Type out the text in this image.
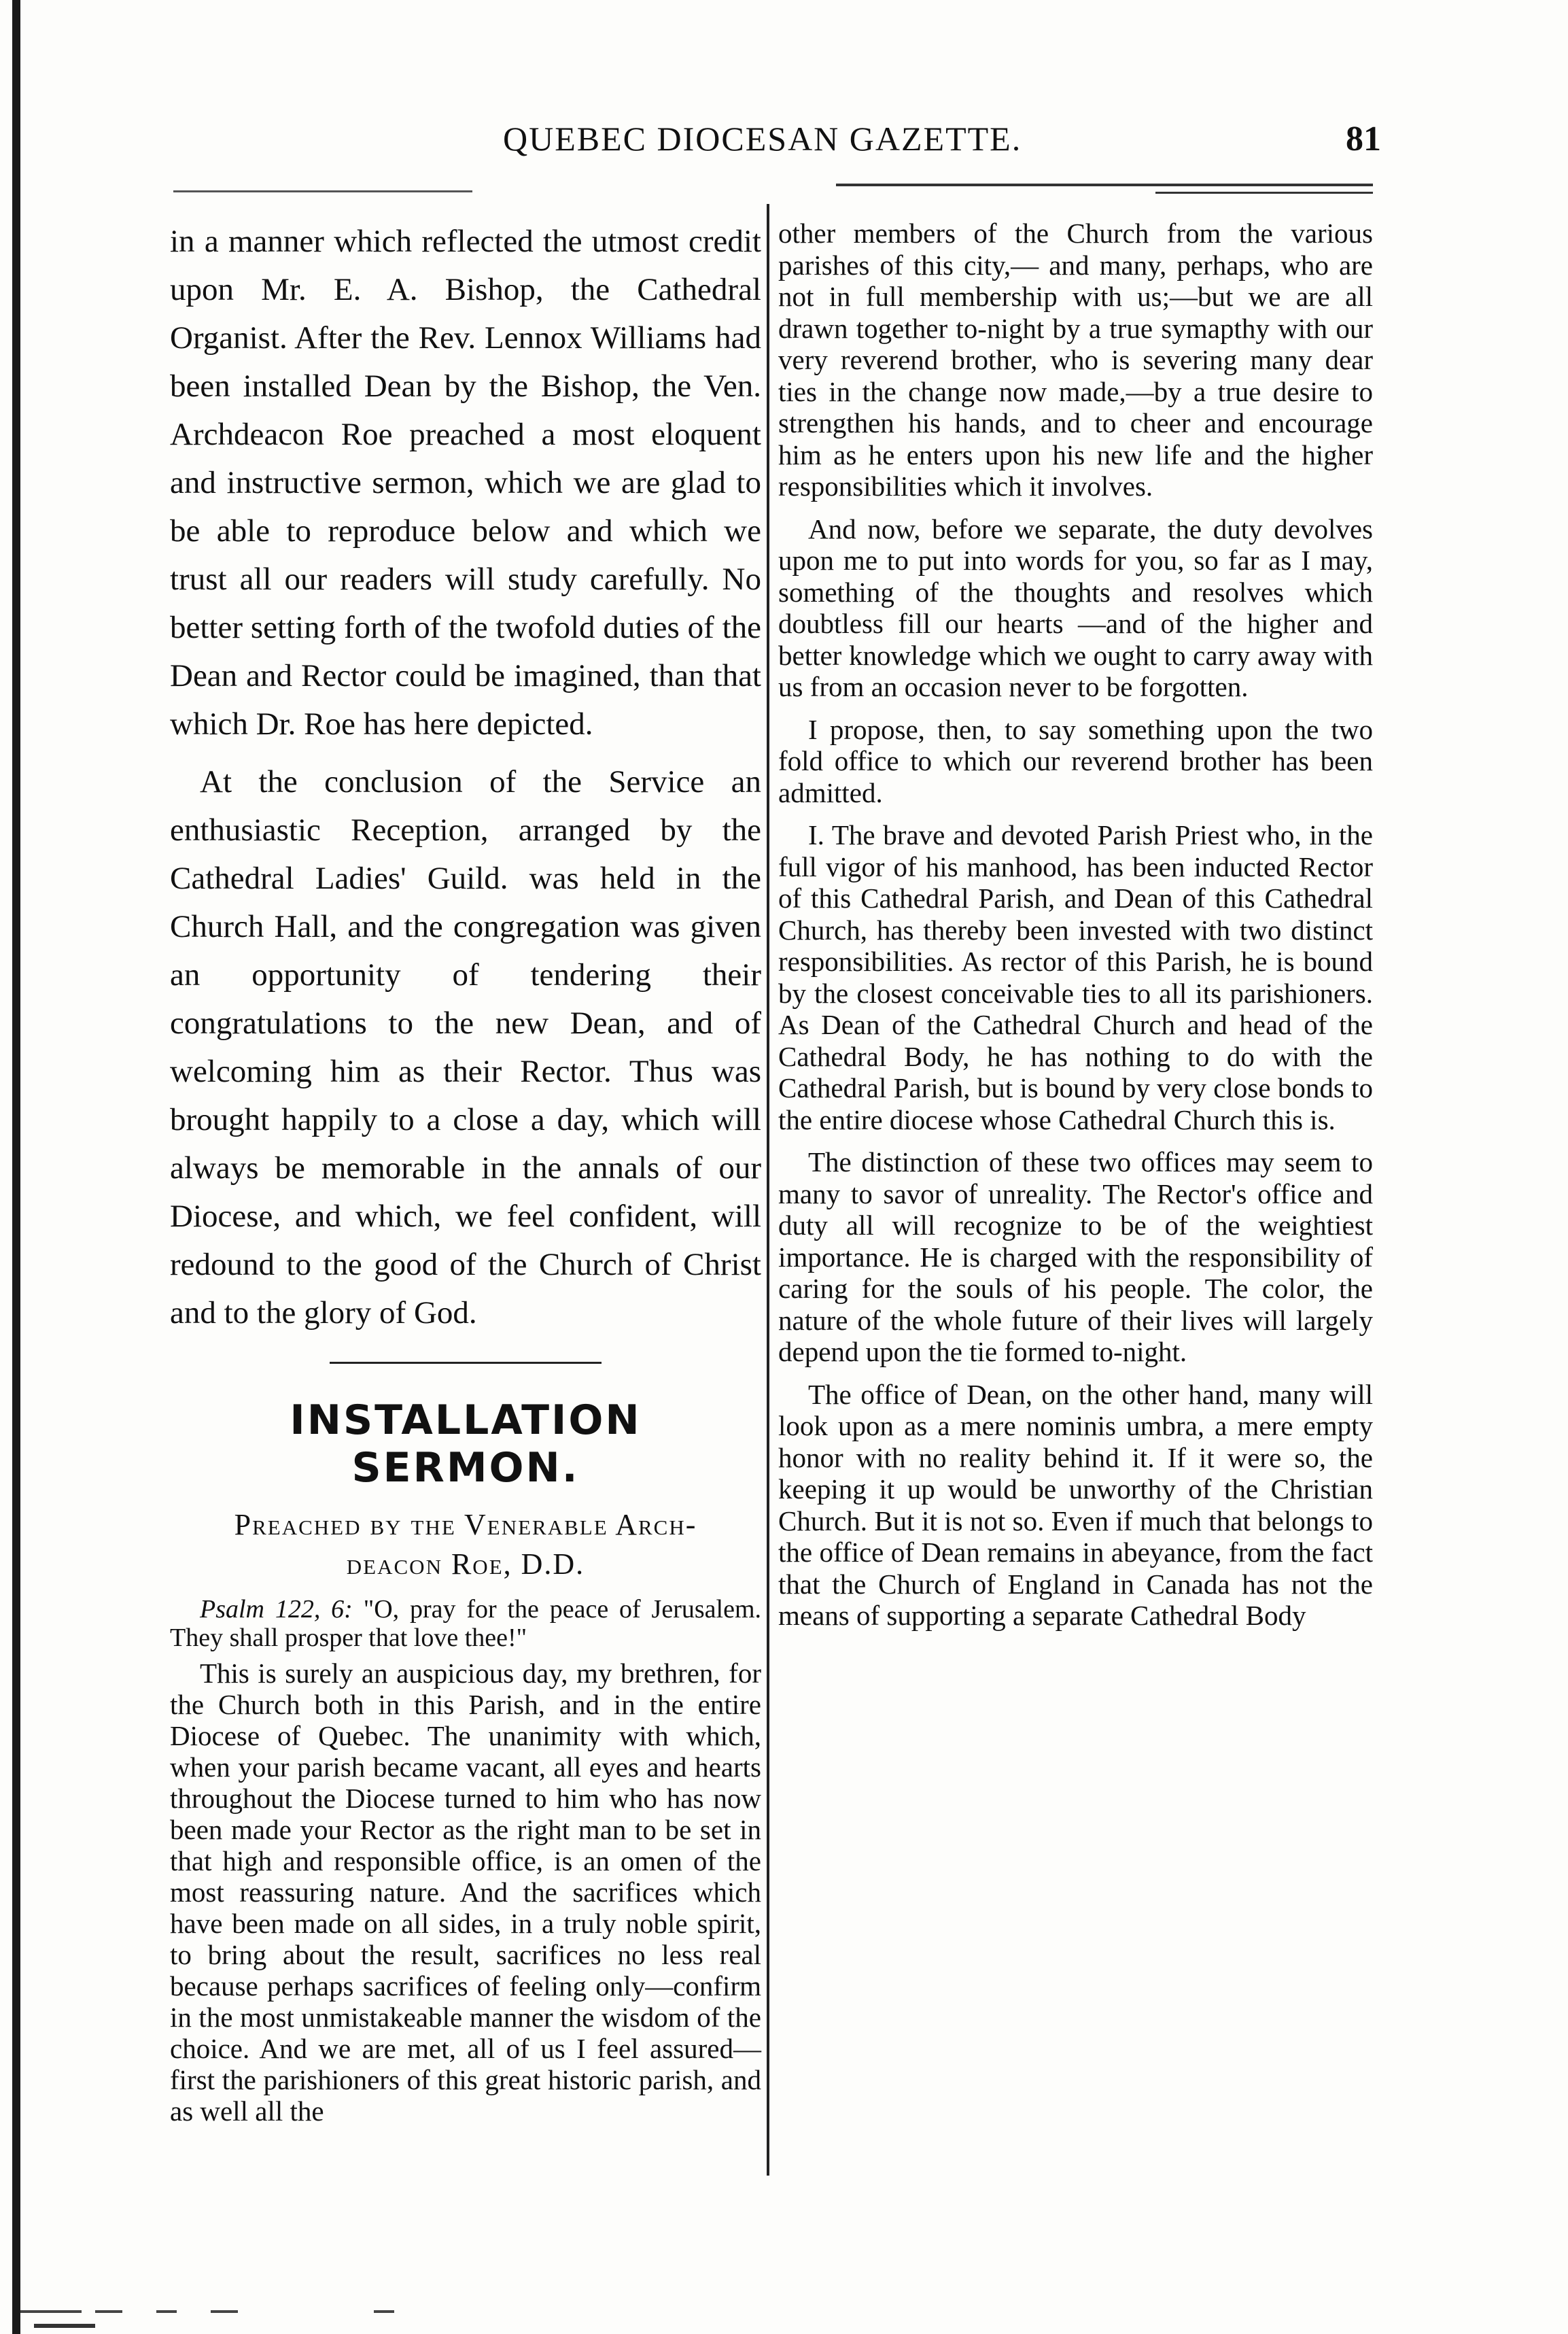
QUEBEC DIOCESAN GAZETTE.	81

in a manner which reflected the utmost credit upon Mr. E. A. Bishop, the Cathedral Organist. After the Rev. Lennox Williams had been installed Dean by the Bishop, the Ven. Archdeacon Roe preached a most eloquent and instructive sermon, which we are glad to be able to reproduce below and which we trust all our readers will study carefully. No better setting forth of the twofold duties of the Dean and Rector could be imagined, than that which Dr. Roe has here depicted.

At the conclusion of the Service an enthusiastic Reception, arranged by the Cathedral Ladies' Guild. was held in the Church Hall, and the congregation was given an opportunity of tendering their congratulations to the new Dean, and of welcoming him as their Rector. Thus was brought happily to a close a day, which will always be memorable in the annals of our Diocese, and which, we feel confident, will redound to the good of the Church of Christ and to the glory of God.

INSTALLATION SERMON.
Preached by the Venerable Arch-
deacon Roe, D.D.

Psalm 122, 6: "O, pray for the peace of Jerusalem. They shall prosper that love thee!"

This is surely an auspicious day, my brethren, for the Church both in this Parish, and in the entire Diocese of Quebec. The unanimity with which, when your parish became vacant, all eyes and hearts throughout the Diocese turned to him who has now been made your Rector as the right man to be set in that high and responsible office, is an omen of the most reassuring nature. And the sacrifices which have been made on all sides, in a truly noble spirit, to bring about the result, sacrifices no less real because perhaps sacrifices of feeling only—confirm in the most unmistakeable manner the wisdom of the choice. And we are met, all of us I feel assured— first the parishioners of this great historic parish, and as well all the

other members of the Church from the various parishes of this city,— and many, perhaps, who are not in full membership with us;—but we are all drawn together to-night by a true symapthy with our very reverend brother, who is severing many dear ties in the change now made,—by a true desire to strengthen his hands, and to cheer and encourage him as he enters upon his new life and the higher responsibilities which it involves.

And now, before we separate, the duty devolves upon me to put into words for you, so far as I may, something of the thoughts and resolves which doubtless fill our hearts —and of the higher and better knowledge which we ought to carry away with us from an occasion never to be forgotten.

I propose, then, to say something upon the two fold office to which our reverend brother has been admitted.

I. The brave and devoted Parish Priest who, in the full vigor of his manhood, has been inducted Rector of this Cathedral Parish, and Dean of this Cathedral Church, has thereby been invested with two distinct responsibilities. As rector of this Parish, he is bound by the closest conceivable ties to all its parishioners. As Dean of the Cathedral Church and head of the Cathedral Body, he has nothing to do with the Cathedral Parish, but is bound by very close bonds to the entire diocese whose Cathedral Church this is.

The distinction of these two offices may seem to many to savor of unreality. The Rector's office and duty all will recognize to be of the weightiest importance. He is charged with the responsibility of caring for the souls of his people. The color, the nature of the whole future of their lives will largely depend upon the tie formed to-night.

The office of Dean, on the other hand, many will look upon as a mere nominis umbra, a mere empty honor with no reality behind it. If it were so, the keeping it up would be unworthy of the Christian Church. But it is not so. Even if much that belongs to the office of Dean remains in abeyance, from the fact that the Church of England in Canada has not the means of supporting a separate Cathedral Body
